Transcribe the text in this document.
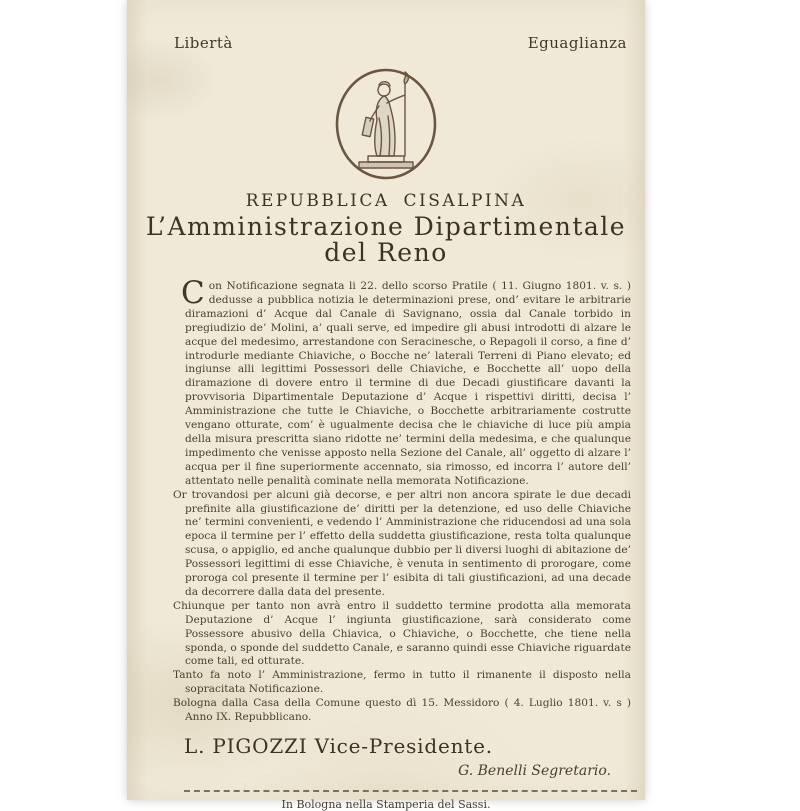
Libertà	Eguaglianza
REPUBBLICA CISALPINA
L’Amministrazione Dipartimentale
del Reno

Con Notificazione segnata li 22. dello scorso Pratile ( 11. Giugno 1801. v. s. ) dedusse a pubblica notizia le determinazioni prese, ond’ evitare le arbitrarie diramazioni d’ Acque dal Canale di Savignano, ossia dal Canale torbido in pregiudizio de’ Molini, a’ quali serve, ed impedire gli abusi introdotti di alzare le acque del medesimo, arrestandone con Seracinesche, o Repagoli il corso, a fine d’ introdurle mediante Chiaviche, o Bocche ne’ laterali Terreni di Piano elevato; ed ingiunse alli legittimi Possessori delle Chiaviche, e Bocchette all’ uopo della diramazione di dovere entro il termine di due Decadi giustificare davanti la provvisoria Dipartimentale Deputazione d’ Acque i rispettivi diritti, decisa l’ Amministrazione che tutte le Chiaviche, o Bocchette arbitrariamente costrutte vengano otturate, com’ è ugualmente decisa che le chiaviche di luce più ampia della misura prescritta siano ridotte ne’ termini della medesima, e che qualunque impedimento che venisse apposto nella Sezione del Canale, all’ oggetto di alzare l’ acqua per il fine superiormente accennato, sia rimosso, ed incorra l’ autore dell’ attentato nelle penalità cominate nella memorata Notificazione.

Or trovandosi per alcuni già decorse, e per altri non ancora spirate le due decadi prefinite alla giustificazione de’ diritti per la detenzione, ed uso delle Chiaviche ne’ termini convenienti, e vedendo l’ Amministrazione che riducendosi ad una sola epoca il termine per l’ effetto della suddetta giustificazione, resta tolta qualunque scusa, o appiglio, ed anche qualunque dubbio per li diversi luoghi di abitazione de’ Possessori legittimi di esse Chiaviche, è venuta in sentimento di prorogare, come proroga col presente il termine per l’ esibita di tali giustificazioni, ad una decade da decorrere dalla data del presente.

Chiunque per tanto non avrà entro il suddetto termine prodotta alla memorata Deputazione d’ Acque l’ ingiunta giustificazione, sarà considerato come Possessore abusivo della Chiavica, o Chiaviche, o Bocchette, che tiene nella sponda, o sponde del suddetto Canale, e saranno quindi esse Chiaviche riguardate come tali, ed otturate.

Tanto fa noto l’ Amministrazione, fermo in tutto il rimanente il disposto nella sopracitata Notificazione.

Bologna dalla Casa della Comune questo dì 15. Messidoro ( 4. Luglio 1801. v. s ) Anno IX. Repubblicano.

L. PIGOZZI Vice-Presidente.
G. Benelli Segretario.
In Bologna nella Stamperia del Sassi.
